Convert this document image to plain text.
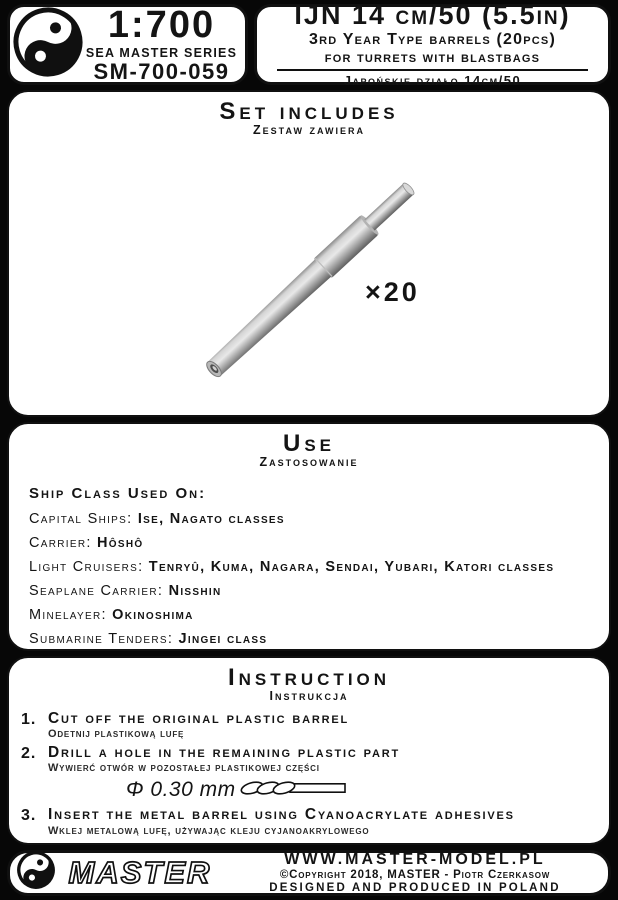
1:700
SEA MASTER SERIES
SM-700-059
IJN 14 cm/50 (5.5in)
3rd Year Type barrels (20pcs)
for turrets with blastbags
Japońskie działo 14cm/50
Set includes
Zestaw zawiera
×20
Use
Zastosowanie
Ship Class Used On:
Capital Ships: Ise, Nagato classes
Carrier: Hôshô
Light Cruisers: Tenryû, Kuma, Nagara, Sendai, Yubari, Katori classes
Seaplane Carrier: Nisshin
Minelayer: Okinoshima
Submarine Tenders: Jingei class
Instruction
Instrukcja
1. Cut off the original plastic barrel
Odetnij plastikową lufę
2. Drill a hole in the remaining plastic part
Wywierć otwór w pozostałej plastikowej części
Φ 0.30 mm
3. Insert the metal barrel using Cyanoacrylate adhesives
Wklej metalową lufę, używając kleju cyjanoakrylowego
MASTER	WWW.MASTER-MODEL.PL
©Copyright 2018, MASTER - Piotr Czerkasow
DESIGNED AND PRODUCED IN POLAND
